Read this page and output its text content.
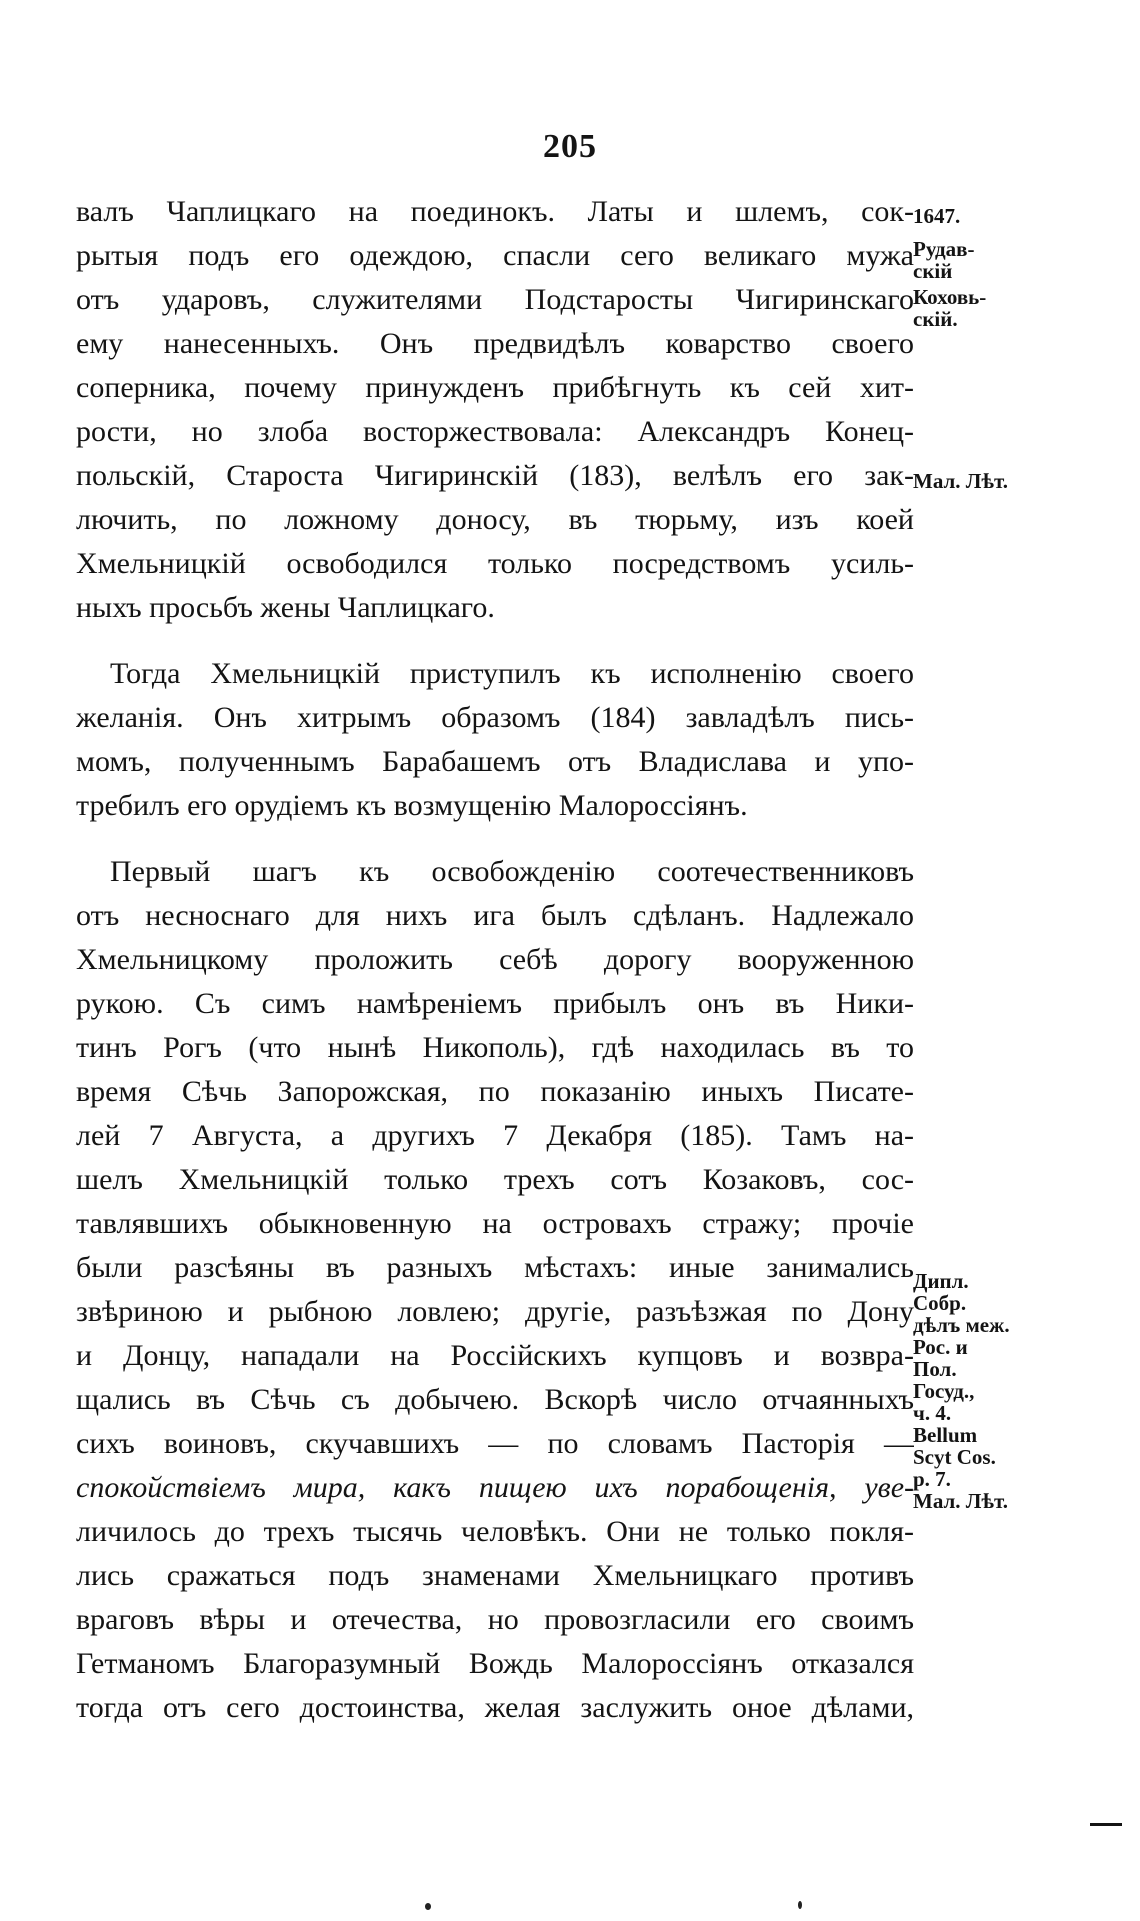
205
валъ Чаплицкаго на поединокъ. Латы и шлемъ, сок-
рытыя подъ его одеждою, спасли сего великаго мужа
отъ ударовъ, служителями Подстаросты Чигиринскаго
ему нанесенныхъ. Онъ предвидѣлъ коварство своего
соперника, почему принужденъ прибѣгнуть къ сей хит-
рости, но злоба восторжествовала: Александръ Конец-
польскій, Староста Чигиринскій (183), велѣлъ его зак-
лючить, по ложному доносу, въ тюрьму, изъ коей
Хмельницкій освободился только посредствомъ усиль-
ныхъ просьбъ жены Чаплицкаго.
Тогда Хмельницкій приступилъ къ исполненію своего
желанія. Онъ хитрымъ образомъ (184) завладѣлъ пись-
момъ, полученнымъ Барабашемъ отъ Владислава и упо-
требилъ его орудіемъ къ возмущенію Малороссіянъ.
Первый шагъ къ освобожденію соотечественниковъ
отъ несноснаго для нихъ ига былъ сдѣланъ. Надлежало
Хмельницкому проложить себѣ дорогу вооруженною
рукою. Съ симъ намѣреніемъ прибылъ онъ въ Ники-
тинъ Рогъ (что нынѣ Никополь), гдѣ находилась въ то
время Сѣчь Запорожская, по показанію иныхъ Писате-
лей 7 Августа, а другихъ 7 Декабря (185). Тамъ на-
шелъ Хмельницкій только трехъ сотъ Козаковъ, сос-
тавлявшихъ обыкновенную на островахъ стражу; прочіе
были разсѣяны въ разныхъ мѣстахъ: иные занимались
звѣриною и рыбною ловлею; другіе, разъѣзжая по Дону
и Донцу, нападали на Россійскихъ купцовъ и возвра-
щались въ Сѣчь съ добычею. Вскорѣ число отчаянныхъ
сихъ воиновъ, скучавшихъ — по словамъ Пасторія —
спокойствіемъ мира, какъ пищею ихъ порабощенія, уве-
личилось до трехъ тысячь человѣкъ. Они не только покля-
лись сражаться подъ знаменами Хмельницкаго противъ
враговъ вѣры и отечества, но провозгласили его своимъ
Гетманомъ Благоразумный Вождь Малороссіянъ отказался
тогда отъ сего достоинства, желая заслужить оное дѣлами,
1647.
Рудав-
скій
Коховь-
скій.
Мал. Лѣт.
Дипл.
Собр.
дѣлъ меж.
Рос. и
Пол.
Госуд.,
ч. 4.
Bellum
Scyt Cos.
p. 7.
Мал. Лѣт.
